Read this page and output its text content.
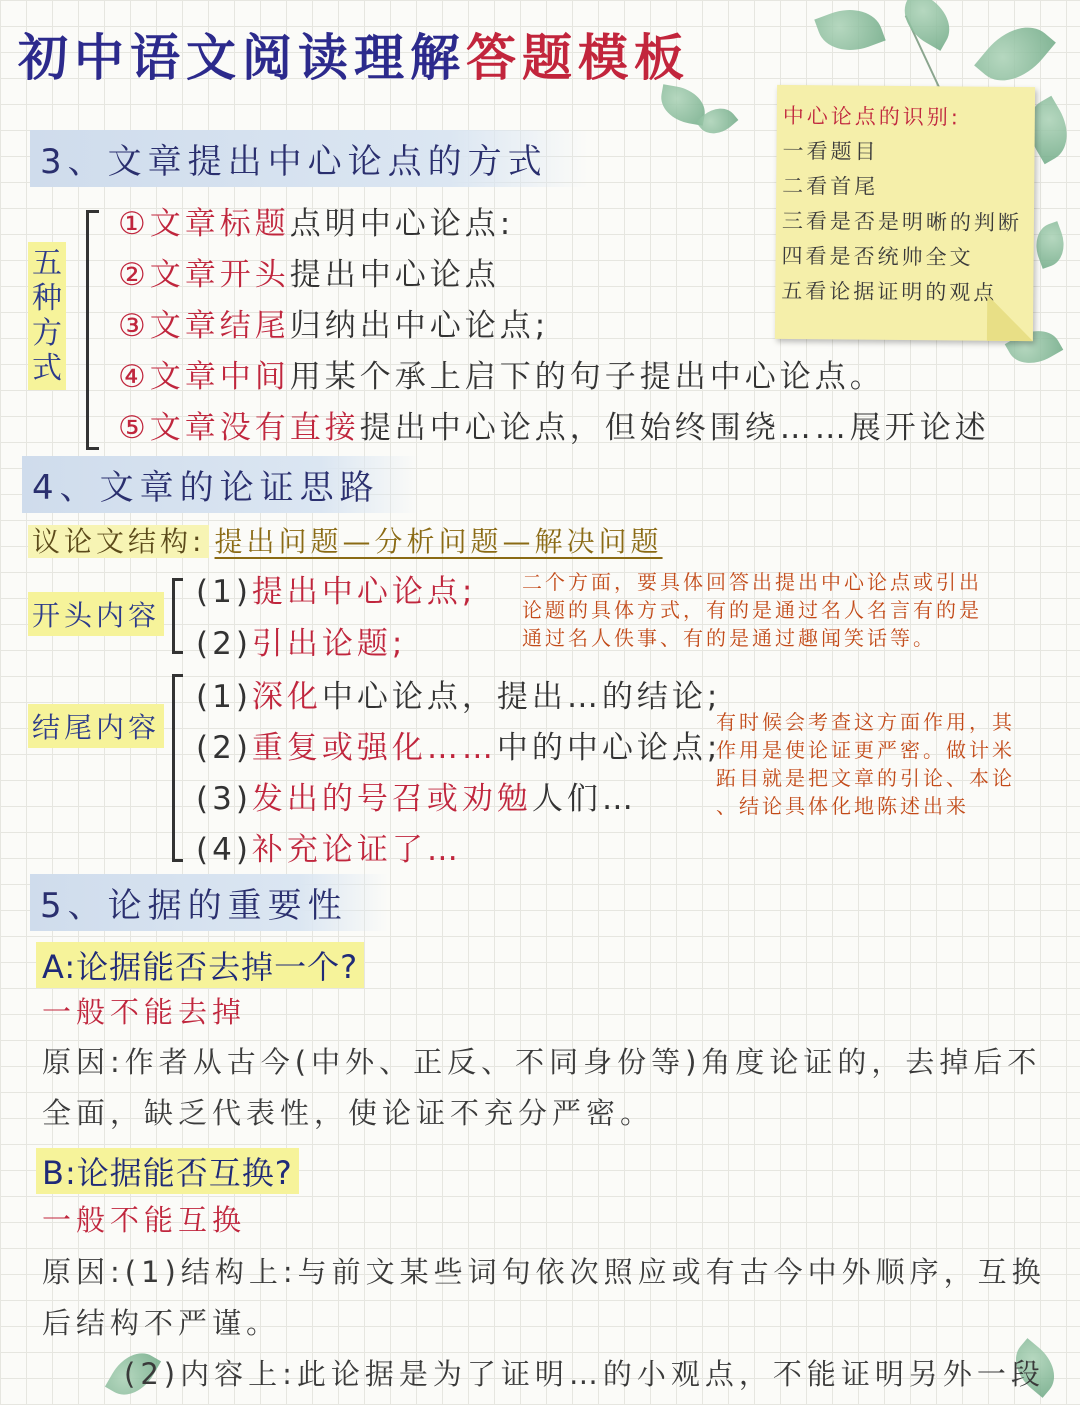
初中语文阅读理解答题模板
3、文章提出中心论点的方式
五
种
方
式
①文章标题点明中心论点:
②文章开头提出中心论点
③文章结尾归纳出中心论点;
④文章中间用某个承上启下的句子提出中心论点。
⑤文章没有直接提出中心论点，但始终围绕……展开论述
中心论点的识别:
一看题目
二看首尾
三看是否是明晰的判断
四看是否统帅全文
五看论据证明的观点
4、文章的论证思路
议论文结构: 提出问题—分析问题—解决问题
开头内容
(1)提出中心论点;
(2)引出论题;
二个方面，要具体回答出提出中心论点或引出
论题的具体方式，有的是通过名人名言有的是
通过名人佚事、有的是通过趣闻笑话等。
结尾内容
(1)深化中心论点，提出…的结论;
(2)重复或强化……中的中心论点;
(3)发出的号召或劝勉人们…
(4)补充论证了…
有时候会考查这方面作用，其
作用是使论证更严密。做计米
跖目就是把文章的引论、本论
、结论具体化地陈述出来
5、论据的重要性
A:论据能否去掉一个?
一般不能去掉
原因:作者从古今(中外、正反、不同身份等)角度论证的，去掉后不
全面，缺乏代表性，使论证不充分严密。
B:论据能否互换?
一般不能互换
原因:(1)结构上:与前文某些词句依次照应或有古今中外顺序，互换
后结构不严谨。
(2)内容上:此论据是为了证明…的小观点，不能证明另外一段
